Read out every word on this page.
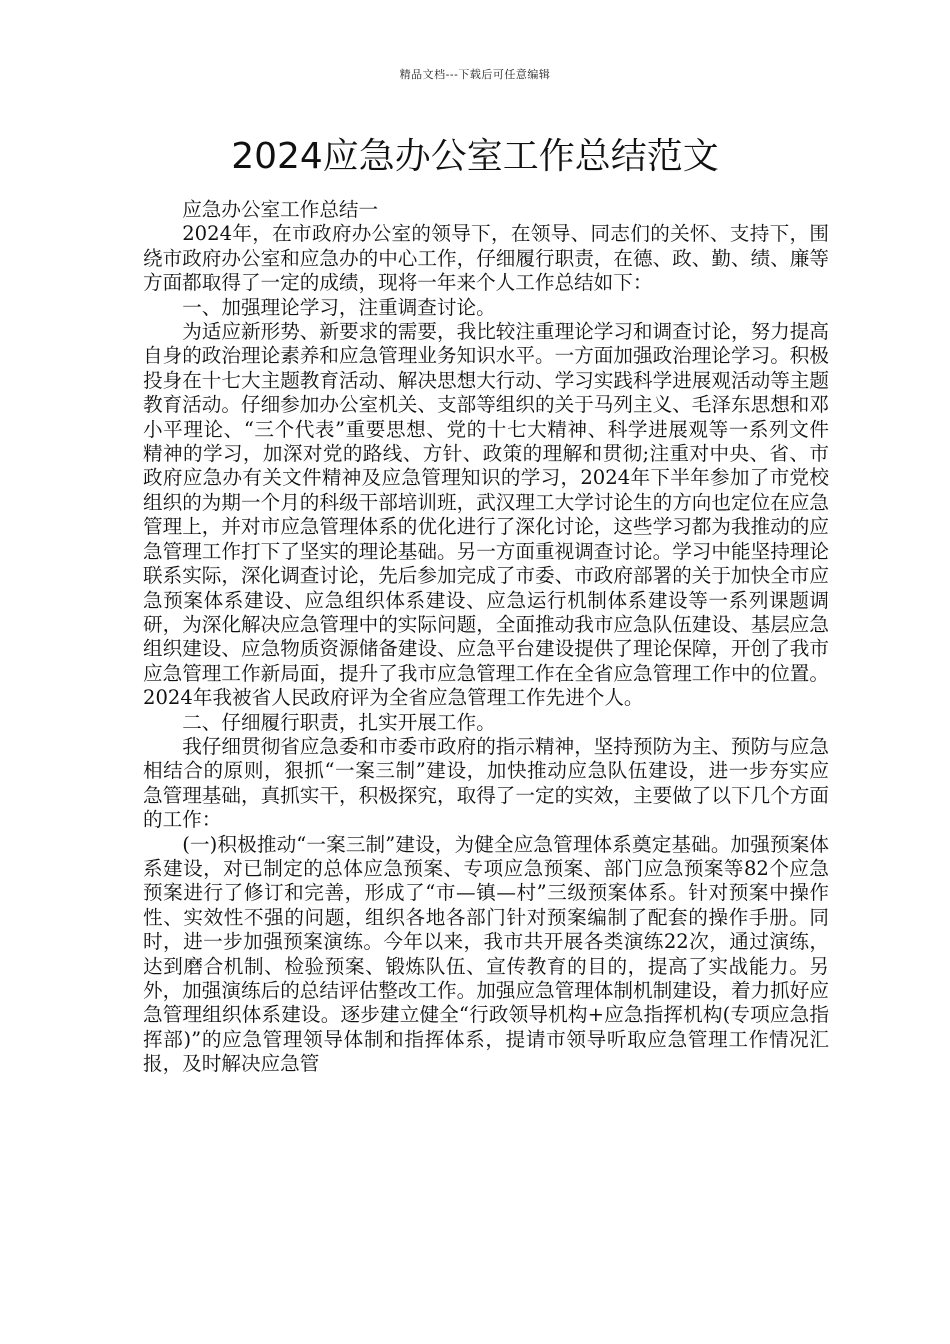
精品文档---下载后可任意编辑
2024应急办公室工作总结范文

应急办公室工作总结一

2024年，在市政府办公室的领导下，在领导、同志们的关怀、支持下，围绕市政府办公室和应急办的中心工作，仔细履行职责，在德、政、勤、绩、廉等方面都取得了一定的成绩，现将一年来个人工作总结如下：

一、加强理论学习，注重调查讨论。

为适应新形势、新要求的需要，我比较注重理论学习和调查讨论，努力提高自身的政治理论素养和应急管理业务知识水平。一方面加强政治理论学习。积极投身在十七大主题教育活动、解决思想大行动、学习实践科学进展观活动等主题教育活动。仔细参加办公室机关、支部等组织的关于马列主义、毛泽东思想和邓小平理论、“三个代表”重要思想、党的十七大精神、科学进展观等一系列文件精神的学习，加深对党的路线、方针、政策的理解和贯彻;注重对中央、省、市政府应急办有关文件精神及应急管理知识的学习，2024年下半年参加了市党校组织的为期一个月的科级干部培训班，武汉理工大学讨论生的方向也定位在应急管理上，并对市应急管理体系的优化进行了深化讨论，这些学习都为我推动的应急管理工作打下了坚实的理论基础。另一方面重视调查讨论。学习中能坚持理论联系实际，深化调查讨论，先后参加完成了市委、市政府部署的关于加快全市应急预案体系建设、应急组织体系建设、应急运行机制体系建设等一系列课题调研，为深化解决应急管理中的实际问题，全面推动我市应急队伍建设、基层应急组织建设、应急物质资源储备建设、应急平台建设提供了理论保障，开创了我市应急管理工作新局面，提升了我市应急管理工作在全省应急管理工作中的位置。2024年我被省人民政府评为全省应急管理工作先进个人。

二、仔细履行职责，扎实开展工作。

我仔细贯彻省应急委和市委市政府的指示精神，坚持预防为主、预防与应急相结合的原则，狠抓“一案三制”建设，加快推动应急队伍建设，进一步夯实应急管理基础，真抓实干，积极探究，取得了一定的实效，主要做了以下几个方面的工作：

(一)积极推动“一案三制”建设，为健全应急管理体系奠定基础。加强预案体系建设，对已制定的总体应急预案、专项应急预案、部门应急预案等82个应急预案进行了修订和完善，形成了“市—镇—村”三级预案体系。针对预案中操作性、实效性不强的问题，组织各地各部门针对预案编制了配套的操作手册。同时，进一步加强预案演练。今年以来，我市共开展各类演练22次，通过演练，达到磨合机制、检验预案、锻炼队伍、宣传教育的目的，提高了实战能力。另外，加强演练后的总结评估整改工作。加强应急管理体制机制建设，着力抓好应急管理组织体系建设。逐步建立健全“行政领导机构+应急指挥机构(专项应急指挥部)”的应急管理领导体制和指挥体系，提请市领导听取应急管理工作情况汇报，及时解决应急管
